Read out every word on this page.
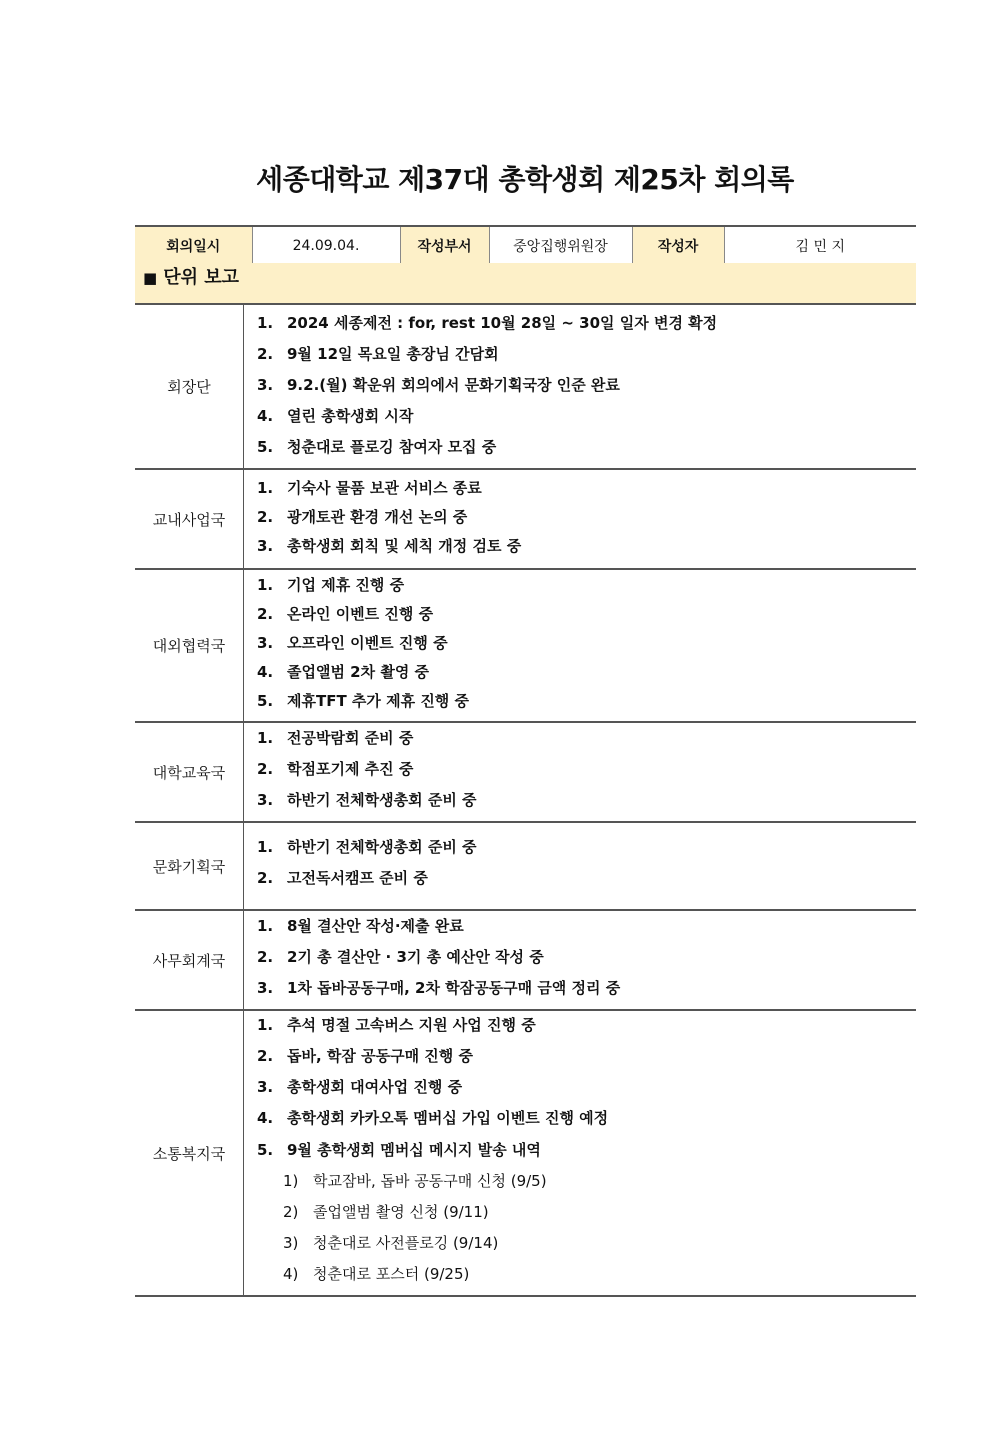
세종대학교 제37대 총학생회 제25차 회의록
회의일시	24.09.04.	작성부서	중앙집행위원장	작성자	김 민 지
■ 단위 보고
회장단
1. 2024 세종제전 : for, rest 10월 28일 ~ 30일 일자 변경 확정
2. 9월 12일 목요일 총장님 간담회
3. 9.2.(월) 확운위 회의에서 문화기획국장 인준 완료
4. 열린 총학생회 시작
5. 청춘대로 플로깅 참여자 모집 중
교내사업국
1. 기숙사 물품 보관 서비스 종료
2. 광개토관 환경 개선 논의 중
3. 총학생회 회칙 및 세칙 개정 검토 중
대외협력국
1. 기업 제휴 진행 중
2. 온라인 이벤트 진행 중
3. 오프라인 이벤트 진행 중
4. 졸업앨범 2차 촬영 중
5. 제휴TFT 추가 제휴 진행 중
대학교육국
1. 전공박람회 준비 중
2. 학점포기제 추진 중
3. 하반기 전체학생총회 준비 중
문화기획국
1. 하반기 전체학생총회 준비 중
2. 고전독서캠프 준비 중
사무회계국
1. 8월 결산안 작성·제출 완료
2. 2기 총 결산안 · 3기 총 예산안 작성 중
3. 1차 돕바공동구매, 2차 학잠공동구매 금액 정리 중
소통복지국
1. 추석 명절 고속버스 지원 사업 진행 중
2. 돕바, 학잠 공동구매 진행 중
3. 총학생회 대여사업 진행 중
4. 총학생회 카카오톡 멤버십 가입 이벤트 진행 예정
5. 9월 총학생회 멤버십 메시지 발송 내역
1) 학교잠바, 돕바 공동구매 신청 (9/5)
2) 졸업앨범 촬영 신청 (9/11)
3) 청춘대로 사전플로깅 (9/14)
4) 청춘대로 포스터 (9/25)
